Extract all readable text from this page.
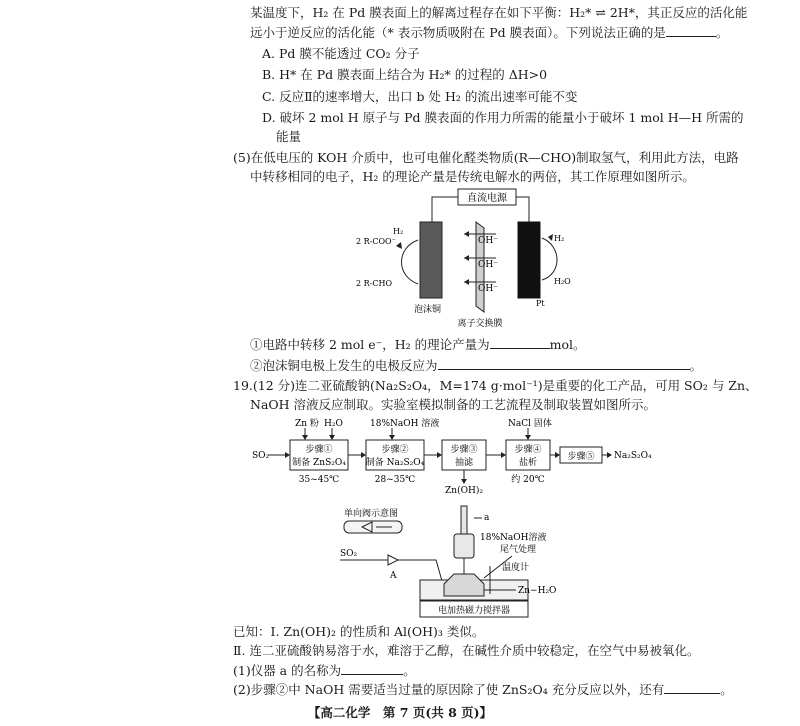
某温度下，H₂ 在 Pd 膜表面上的解离过程存在如下平衡：H₂* ⇌ 2H*，其正反应的活化能
远小于逆反应的活化能（* 表示物质吸附在 Pd 膜表面）。下列说法正确的是	。
A. Pd 膜不能透过 CO₂ 分子
B. H* 在 Pd 膜表面上结合为 H₂* 的过程的 ΔH>0
C. 反应Ⅱ的速率增大，出口 b 处 H₂ 的流出速率可能不变
D. 破坏 2 mol H 原子与 Pd 膜表面的作用力所需的能量小于破坏 1 mol H—H 所需的
能量
(5)在低电压的 KOH 介质中，也可电催化醛类物质(R—CHO)制取氢气，利用此方法，电路
中转移相同的电子，H₂ 的理论产量是传统电解水的两倍，其工作原理如图所示。
直流电源
OH⁻
OH⁻
OH⁻
H₂
2 R-COO⁻
2 R-CHO
H₂
H₂O
泡沫铜
Pt
离子交换膜
①电路中转移 2 mol e⁻，H₂ 的理论产量为	mol。
②泡沫铜电极上发生的电极反应为	。
19.(12 分)连二亚硫酸钠(Na₂S₂O₄，M=174 g·mol⁻¹)是重要的化工产品，可用 SO₂ 与 Zn、
NaOH 溶液反应制取。实验室模拟制备的工艺流程及制取装置如图所示。
Zn 粉 H₂O	18%NaOH 溶液	NaCl 固体
SO₂
步骤①
制备 ZnS₂O₄
步骤②
制备 Na₂S₂O₄
步骤③
抽滤
步骤④
盐析
步骤⑤ Na₂S₂O₄
35~45℃	28~35℃
Zn(OH)₂
约 20℃
单向阀示意图	a
18%NaOH溶液
SO₂
A
尾气处理
温度计
Zn−H₂O
电加热磁力搅拌器
已知：Ⅰ. Zn(OH)₂ 的性质和 Al(OH)₃ 类似。
Ⅱ. 连二亚硫酸钠易溶于水，难溶于乙醇，在碱性介质中较稳定，在空气中易被氧化。
(1)仪器 a 的名称为	。
(2)步骤②中 NaOH 需要适当过量的原因除了使 ZnS₂O₄ 充分反应以外，还有	。
【高二化学　第 7 页(共 8 页)】
